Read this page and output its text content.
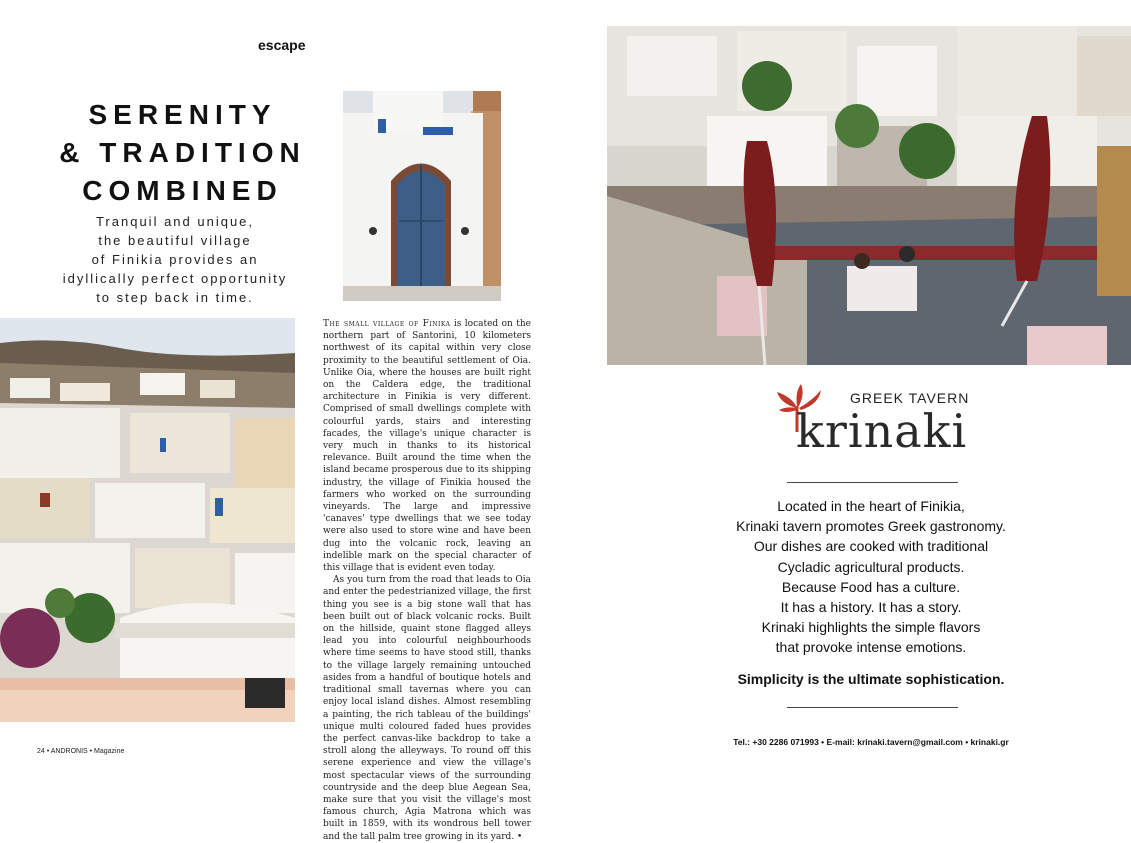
escape
SERENITY
& TRADITION
COMBINED
Tranquil and unique,
the beautiful village
of Finikia provides an
idyllically perfect opportunity
to step back in time.

The small village of Finika is located on the northern part of Santorini, 10 kilometers northwest of its capital within very close proximity to the beautiful settlement of Oia. Unlike Oia, where the houses are built right on the Caldera edge, the traditional architecture in Finikia is very different. Comprised of small dwellings complete with colourful yards, stairs and interesting facades, the village's unique character is very much in thanks to its historical relevance. Built around the time when the island became prosperous due to its shipping industry, the village of Finikia housed the farmers who worked on the surrounding vineyards. The large and impressive 'canaves' type dwellings that we see today were also used to store wine and have been dug into the volcanic rock, leaving an indelible mark on the special character of this village that is evident even today.

As you turn from the road that leads to Oia and enter the pedestrianized village, the first thing you see is a big stone wall that has been built out of black volcanic rocks. Built on the hillside, quaint stone flagged alleys lead you into colourful neighbourhoods where time seems to have stood still, thanks to the village largely remaining untouched asides from a handful of boutique hotels and traditional small tavernas where you can enjoy local island dishes. Almost resembling a painting, the rich tableau of the buildings' unique multi coloured faded hues provides the perfect canvas-like backdrop to take a stroll along the alleyways. To round off this serene experience and view the village's most spectacular views of the surrounding countryside and the deep blue Aegean Sea, make sure that you visit the village's most famous church, Agia Matrona which was built in 1859, with its wondrous bell tower and the tall palm tree growing in its yard. •

24 • ANDRONIS • Magazine
GREEK TAVERN
krinaki
Located in the heart of Finikia,
Krinaki tavern promotes Greek gastronomy.
Our dishes are cooked with traditional
Cycladic agricultural products.
Because Food has a culture.
It has a history. It has a story.
Krinaki highlights the simple flavors
that provoke intense emotions.
Simplicity is the ultimate sophistication.
Tel.: +30 2286 071993 • E-mail: krinaki.tavern@gmail.com • krinaki.gr
